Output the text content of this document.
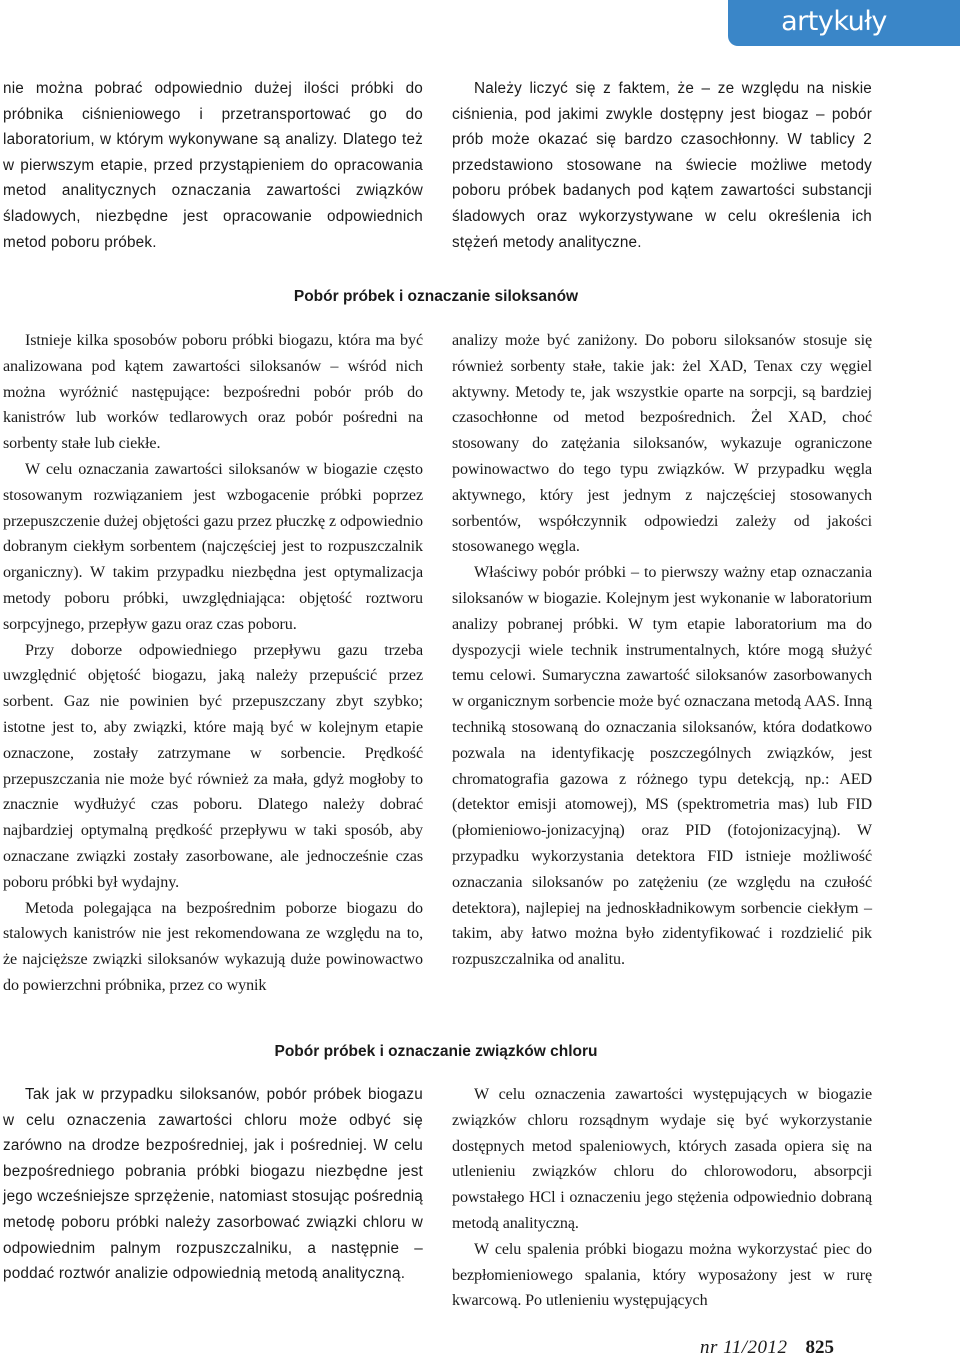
artykuły

nie można pobrać odpowiednio dużej ilości próbki do próbnika ciśnieniowego i przetransportować go do laboratorium, w którym wykonywane są analizy. Dlatego też w pierwszym etapie, przed przystąpieniem do opracowania metod analitycznych oznaczania zawartości związków śladowych, niezbędne jest opracowanie odpowiednich metod poboru próbek.

Należy liczyć się z faktem, że – ze względu na niskie ciśnienia, pod jakimi zwykle dostępny jest biogaz – pobór prób może okazać się bardzo czasochłonny. W tablicy 2 przedstawiono stosowane na świecie możliwe metody poboru próbek badanych pod kątem zawartości substancji śladowych oraz wykorzystywane w celu określenia ich stężeń metody analityczne.

Pobór próbek i oznaczanie siloksanów

Istnieje kilka sposobów poboru próbki biogazu, która ma być analizowana pod kątem zawartości siloksanów – wśród nich można wyróżnić następujące: bezpośredni pobór prób do kanistrów lub worków tedlarowych oraz pobór pośredni na sorbenty stałe lub ciekłe.

W celu oznaczania zawartości siloksanów w biogazie często stosowanym rozwiązaniem jest wzbogacenie próbki poprzez przepuszczenie dużej objętości gazu przez płuczkę z odpowiednio dobranym ciekłym sorbentem (najczęściej jest to rozpuszczalnik organiczny). W takim przypadku niezbędna jest optymalizacja metody poboru próbki, uwzględniająca: objętość roztworu sorpcyjnego, przepływ gazu oraz czas poboru.

Przy doborze odpowiedniego przepływu gazu trzeba uwzględnić objętość biogazu, jaką należy przepuścić przez sorbent. Gaz nie powinien być przepuszczany zbyt szybko; istotne jest to, aby związki, które mają być w kolejnym etapie oznaczone, zostały zatrzymane w sorbencie. Prędkość przepuszczania nie może być również za mała, gdyż mogłoby to znacznie wydłużyć czas poboru. Dlatego należy dobrać najbardziej optymalną prędkość przepływu w taki sposób, aby oznaczane związki zostały zasorbowane, ale jednocześnie czas poboru próbki był wydajny.

Metoda polegająca na bezpośrednim poborze biogazu do stalowych kanistrów nie jest rekomendowana ze względu na to, że najcięższe związki siloksanów wykazują duże powinowactwo do powierzchni próbnika, przez co wynik

analizy może być zaniżony. Do poboru siloksanów stosuje się również sorbenty stałe, takie jak: żel XAD, Tenax czy węgiel aktywny. Metody te, jak wszystkie oparte na sorpcji, są bardziej czasochłonne od metod bezpośrednich. Żel XAD, choć stosowany do zatężania siloksanów, wykazuje ograniczone powinowactwo do tego typu związków. W przypadku węgla aktywnego, który jest jednym z najczęściej stosowanych sorbentów, współczynnik odpowiedzi zależy od jakości stosowanego węgla.

Właściwy pobór próbki – to pierwszy ważny etap oznaczania siloksanów w biogazie. Kolejnym jest wykonanie w laboratorium analizy pobranej próbki. W tym etapie laboratorium ma do dyspozycji wiele technik instrumentalnych, które mogą służyć temu celowi. Sumaryczna zawartość siloksanów zasorbowanych w organicznym sorbencie może być oznaczana metodą AAS. Inną techniką stosowaną do oznaczania siloksanów, która dodatkowo pozwala na identyfikację poszczególnych związków, jest chromatografia gazowa z różnego typu detekcją, np.: AED (detektor emisji atomowej), MS (spektrometria mas) lub FID (płomieniowo-jonizacyjną) oraz PID (fotojonizacyjną). W przypadku wykorzystania detektora FID istnieje możliwość oznaczania siloksanów po zatężeniu (ze względu na czułość detektora), najlepiej na jednoskładnikowym sorbencie ciekłym – takim, aby łatwo można było zidentyfikować i rozdzielić pik rozpuszczalnika od analitu.

Pobór próbek i oznaczanie związków chloru

Tak jak w przypadku siloksanów, pobór próbek biogazu w celu oznaczenia zawartości chloru może odbyć się zarówno na drodze bezpośredniej, jak i pośredniej. W celu bezpośredniego pobrania próbki biogazu niezbędne jest jego wcześniejsze sprzężenie, natomiast stosując pośrednią metodę poboru próbki należy zasorbować związki chloru w odpowiednim palnym rozpuszczalniku, a następnie – poddać roztwór analizie odpowiednią metodą analityczną.

W celu oznaczenia zawartości występujących w biogazie związków chloru rozsądnym wydaje się być wykorzystanie dostępnych metod spaleniowych, których zasada opiera się na utlenieniu związków chloru do chlorowodoru, absorpcji powstałego HCl i oznaczeniu jego stężenia odpowiednio dobraną metodą analityczną.

W celu spalenia próbki biogazu można wykorzystać piec do bezpłomieniowego spalania, który wyposażony jest w rurę kwarcową. Po utlenieniu występujących

nr 11/2012 825
